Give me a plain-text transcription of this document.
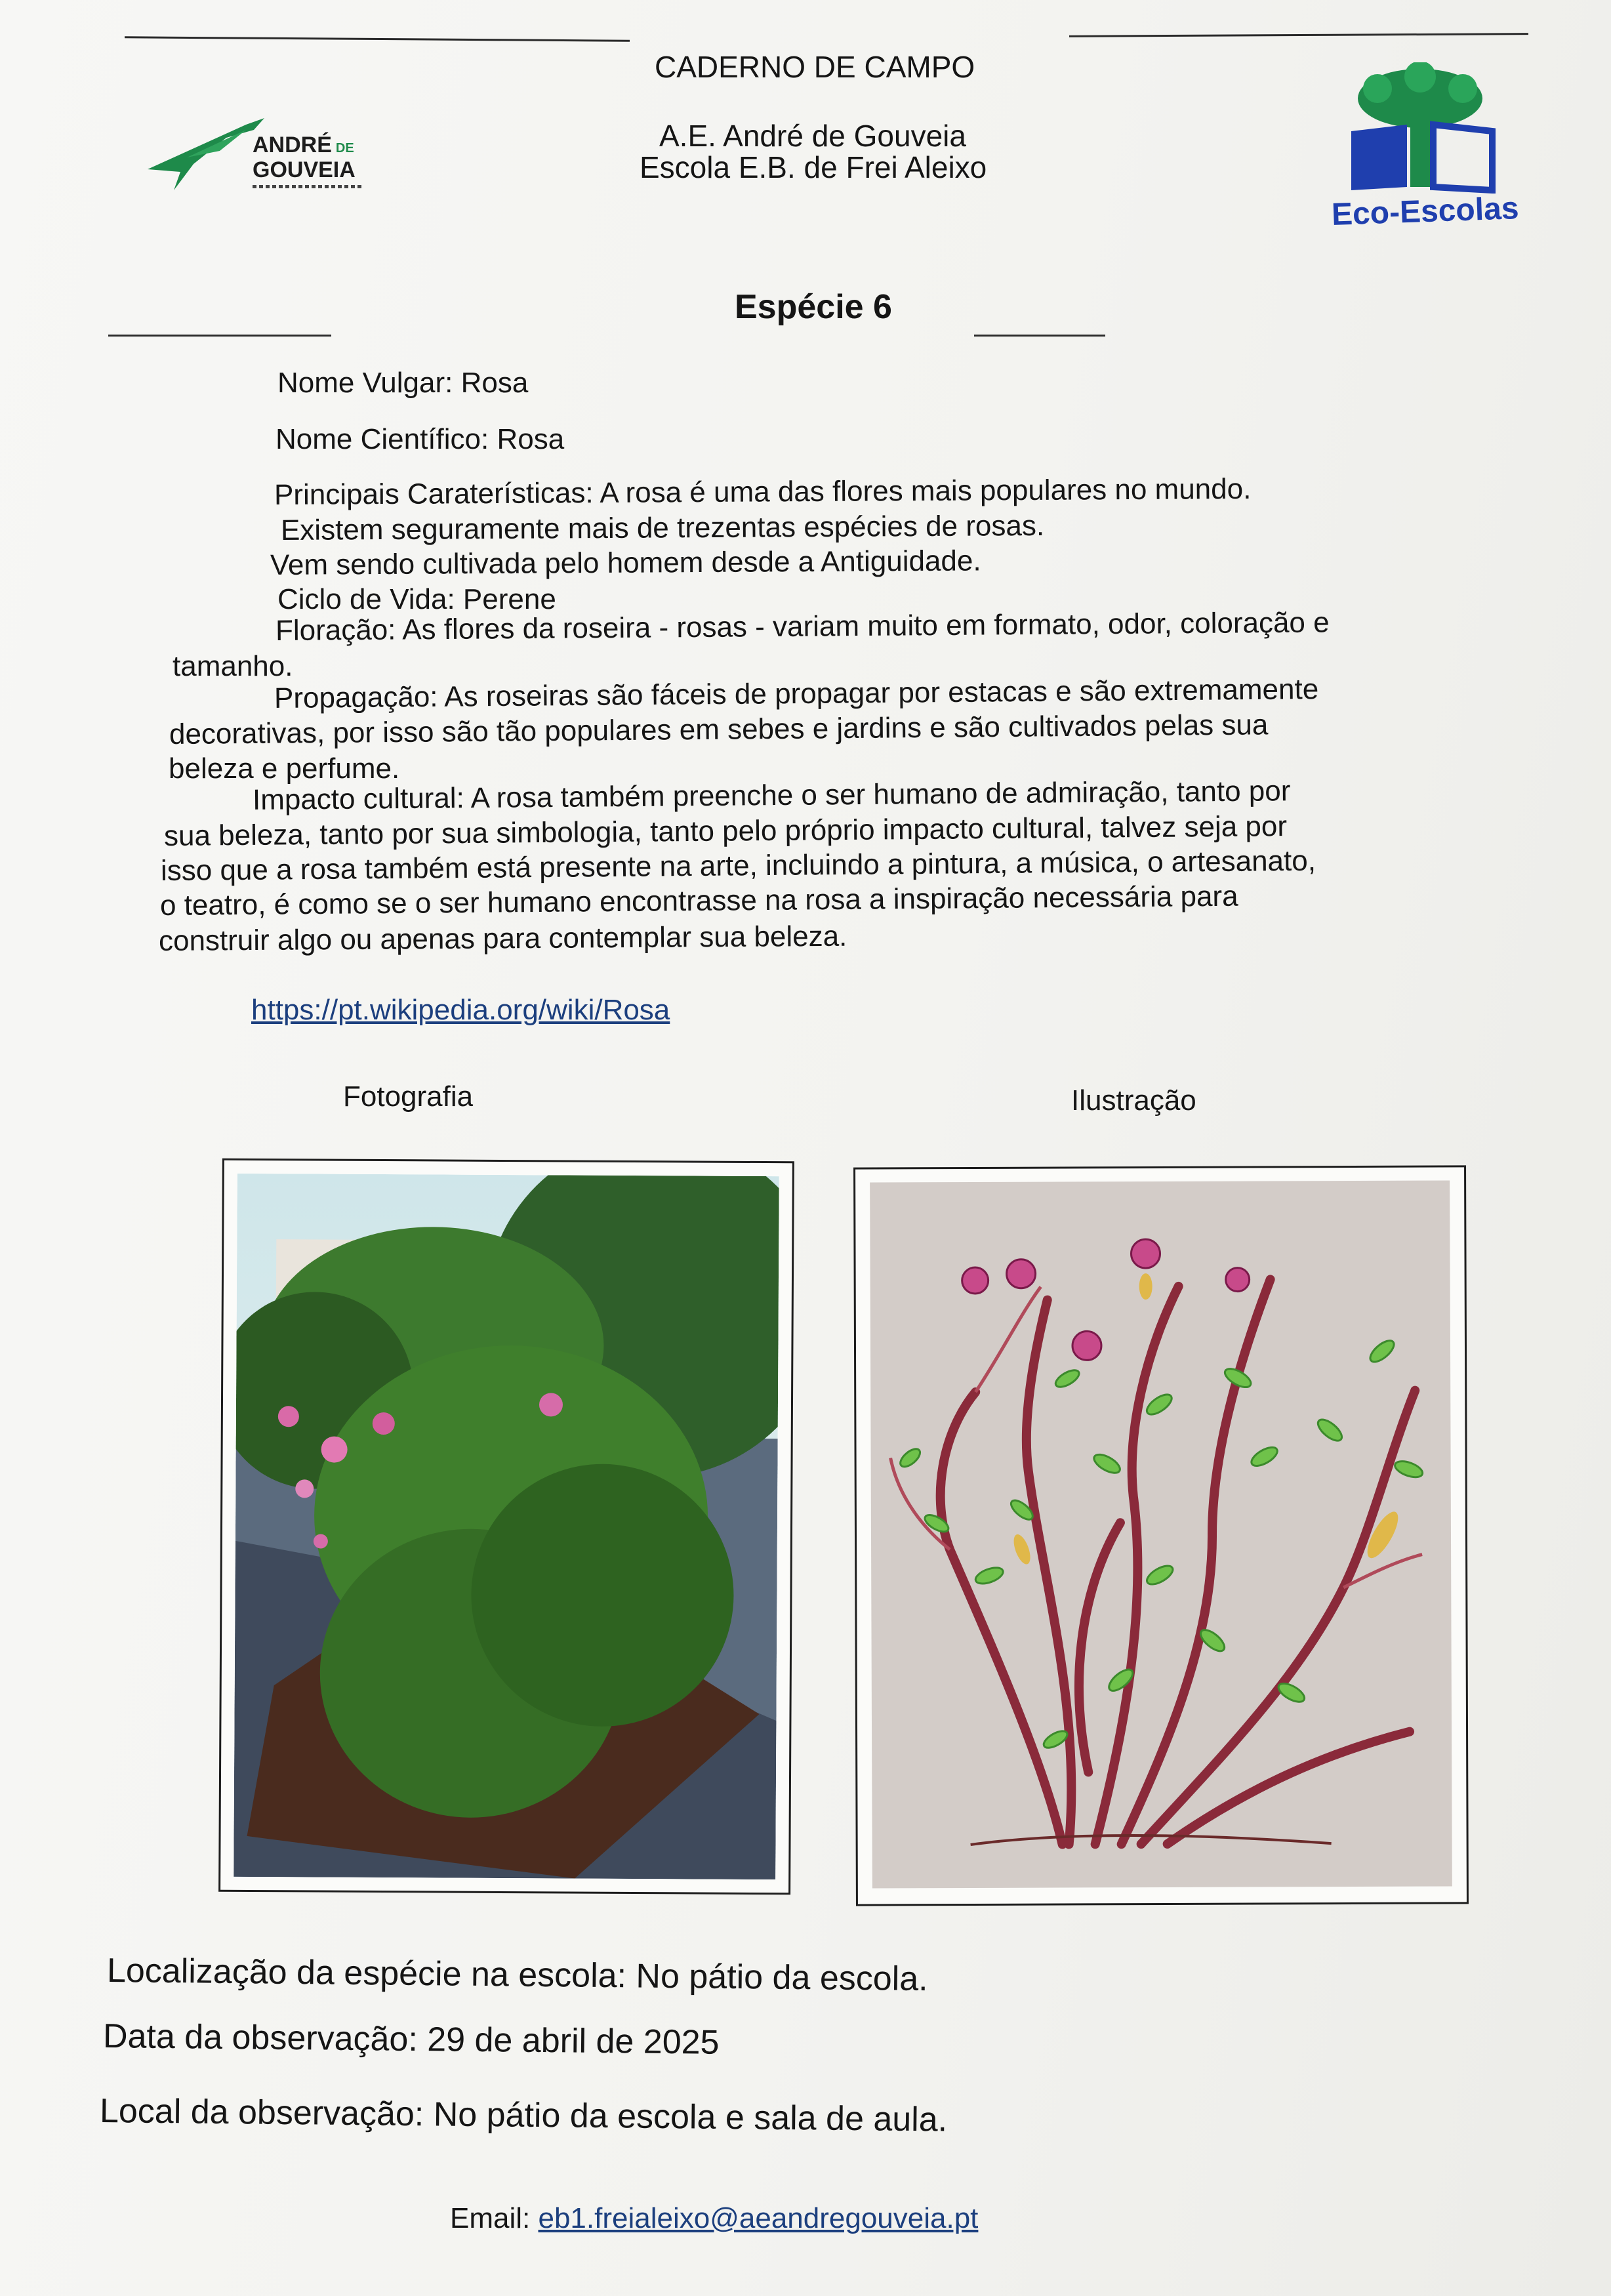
ANDRÉ DE
GOUVEIA
CADERNO DE CAMPO
A.E. André de Gouveia
Escola E.B. de Frei Aleixo
Eco-Escolas
Espécie 6
Nome Vulgar: Rosa
Nome Científico: Rosa
Principais Caraterísticas: A rosa é uma das flores mais populares no mundo.
Existem seguramente mais de trezentas espécies de rosas.
Vem sendo cultivada pelo homem desde a Antiguidade.
Ciclo de Vida: Perene
Floração: As flores da roseira - rosas - variam muito em formato, odor, coloração e
tamanho.
Propagação: As roseiras são fáceis de propagar por estacas e são extremamente
decorativas, por isso são tão populares em sebes e jardins e são cultivados pelas sua
beleza e perfume.
Impacto cultural: A rosa também preenche o ser humano de admiração, tanto por
sua beleza, tanto por sua simbologia, tanto pelo próprio impacto cultural, talvez seja por
isso que a rosa também está presente na arte, incluindo a pintura, a música, o artesanato,
o teatro, é como se o ser humano encontrasse na rosa a inspiração necessária para
construir algo ou apenas para contemplar sua beleza.
https://pt.wikipedia.org/wiki/Rosa
Fotografia	Ilustração
Localização da espécie na escola: No pátio da escola.
Data da observação: 29 de abril de 2025
Local da observação: No pátio da escola e sala de aula.
Email: eb1.freialeixo@aeandregouveia.pt
